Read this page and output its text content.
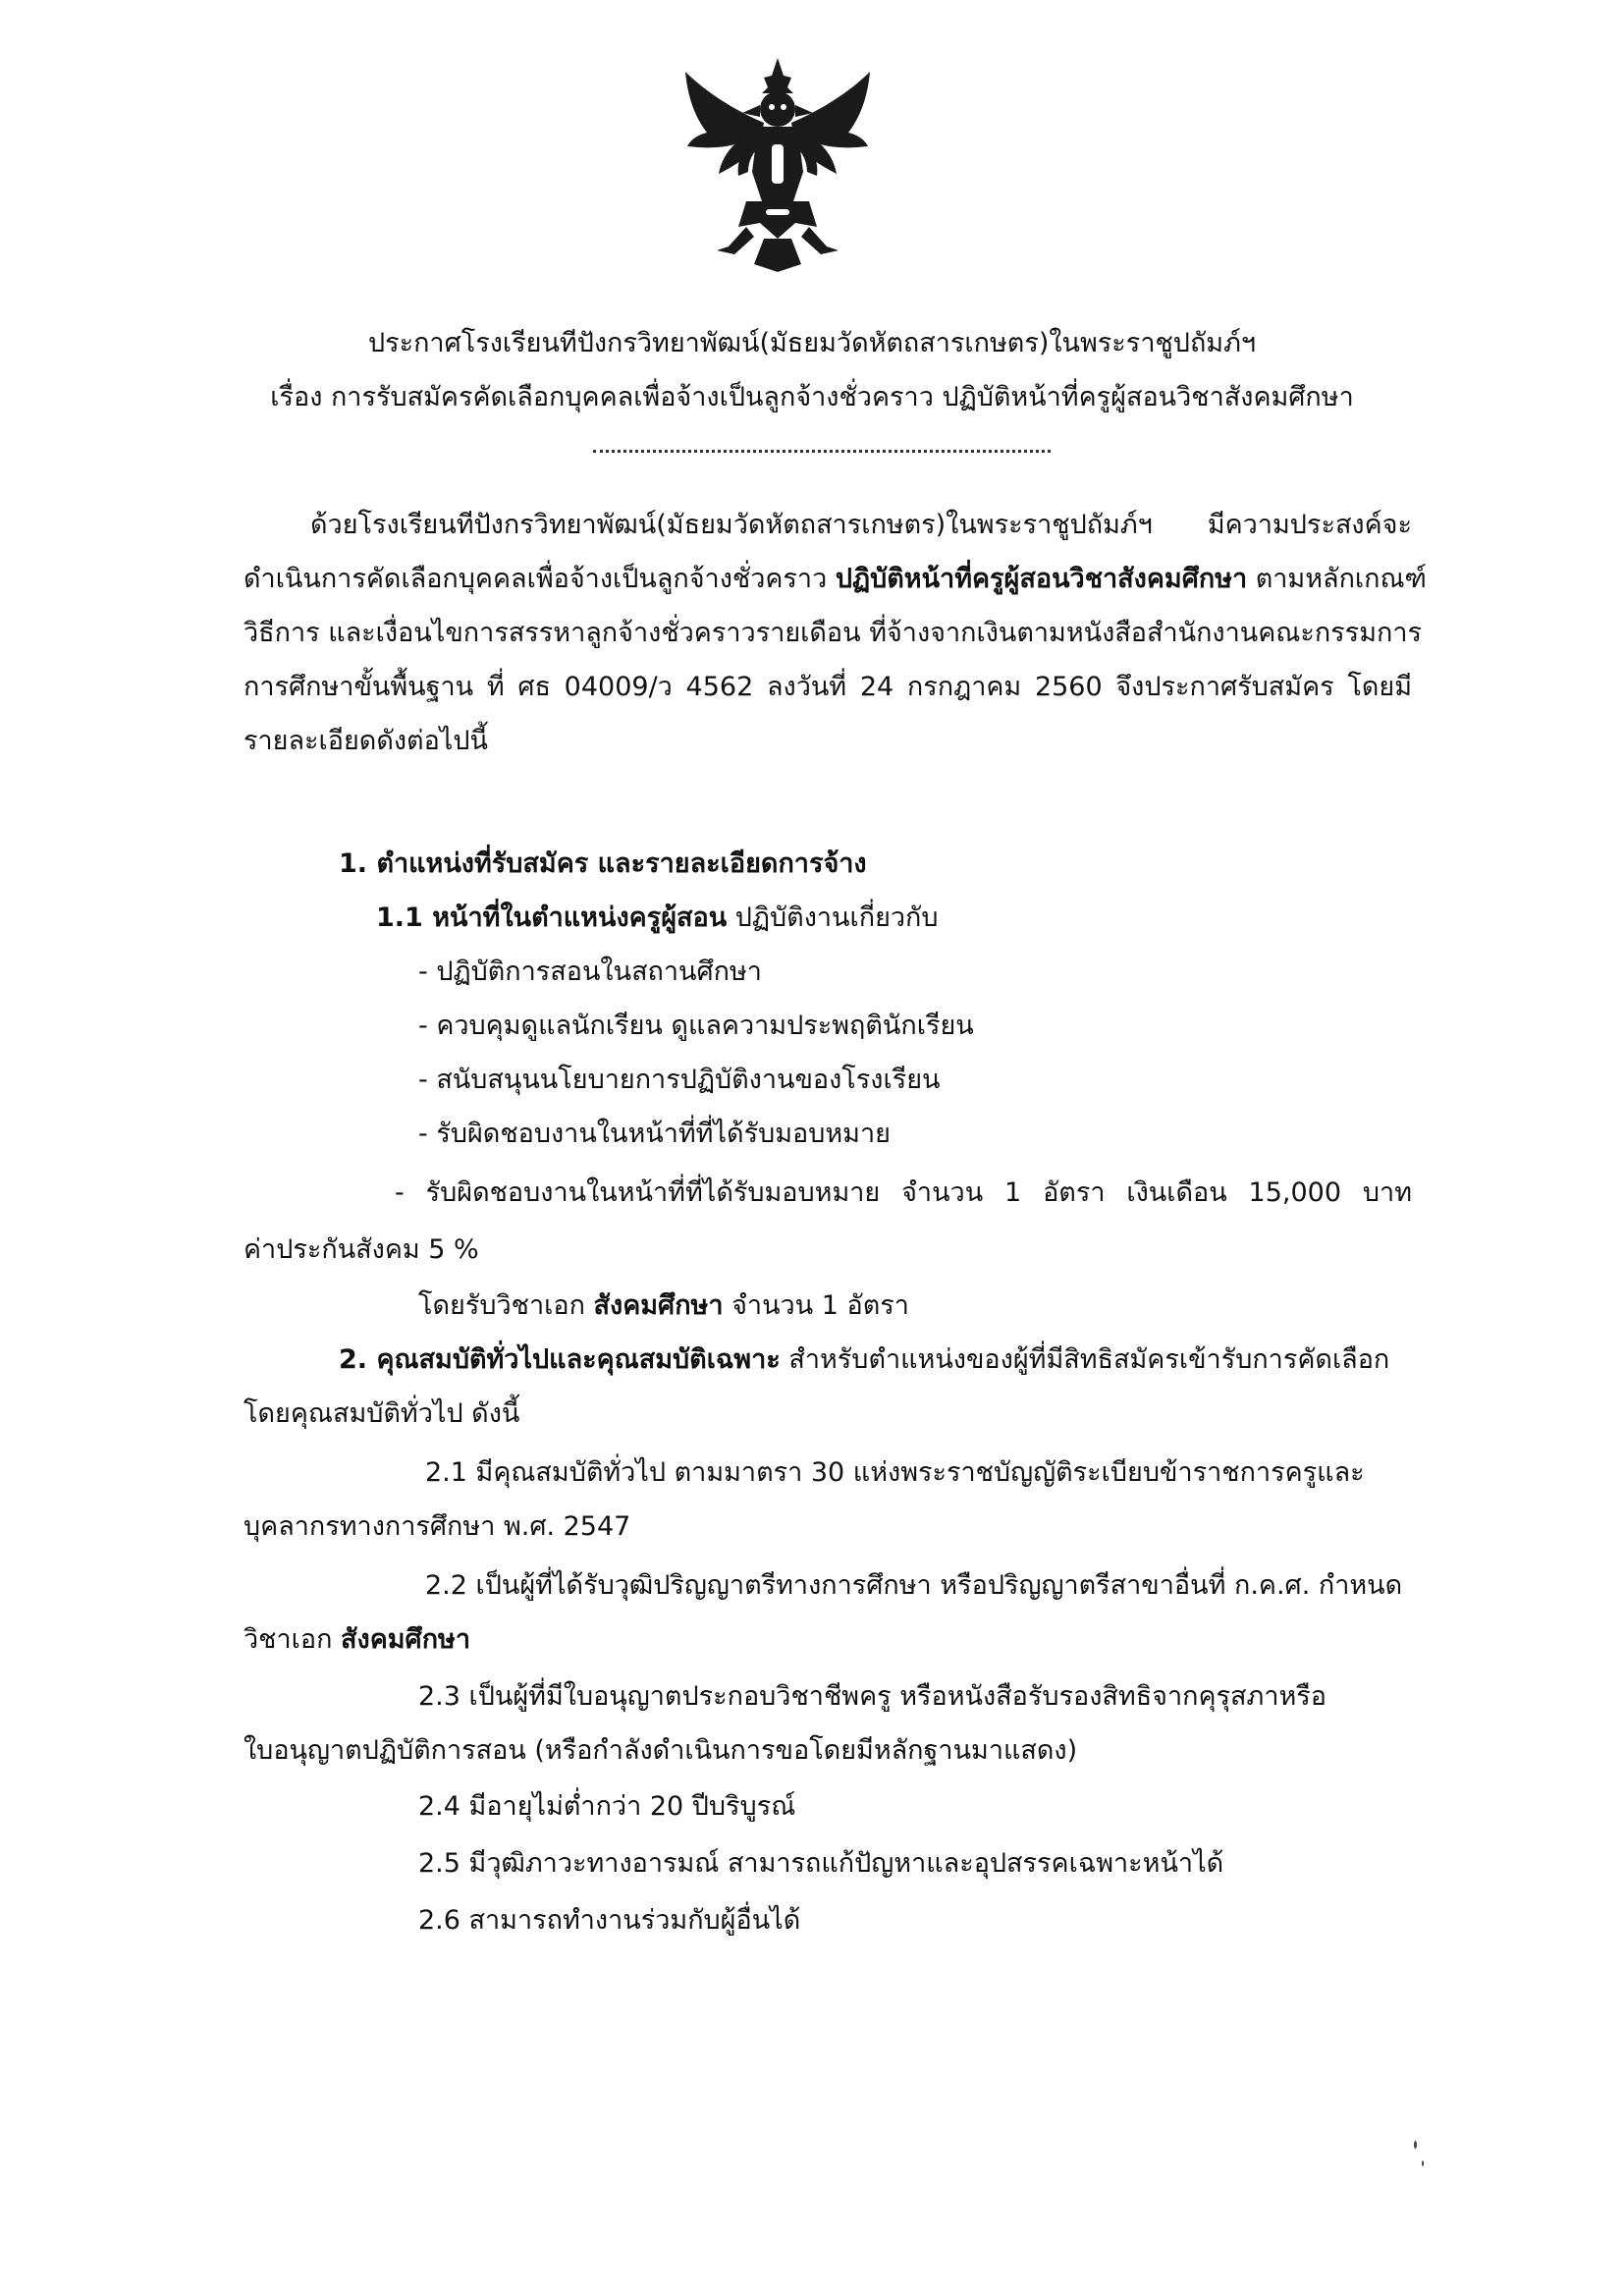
ประกาศโรงเรียนทีปังกรวิทยาพัฒน์(มัธยมวัดหัตถสารเกษตร)ในพระราชูปถัมภ์ฯ
เรื่อง การรับสมัครคัดเลือกบุคคลเพื่อจ้างเป็นลูกจ้างชั่วคราว ปฏิบัติหน้าที่ครูผู้สอนวิชาสังคมศึกษา
ด้วยโรงเรียนทีปังกรวิทยาพัฒน์(มัธยมวัดหัตถสารเกษตร)ในพระราชูปถัมภ์ฯ มีความประสงค์จะ
ดำเนินการคัดเลือกบุคคลเพื่อจ้างเป็นลูกจ้างชั่วคราว ปฏิบัติหน้าที่ครูผู้สอนวิชาสังคมศึกษา ตามหลักเกณฑ์
วิธีการ และเงื่อนไขการสรรหาลูกจ้างชั่วคราวรายเดือน ที่จ้างจากเงินตามหนังสือสำนักงานคณะกรรมการ
การศึกษาขั้นพื้นฐาน ที่ ศธ 04009/ว 4562 ลงวันที่ 24 กรกฎาคม 2560 จึงประกาศรับสมัคร โดยมี
รายละเอียดดังต่อไปนี้
1. ตำแหน่งที่รับสมัคร และรายละเอียดการจ้าง
1.1 หน้าที่ในตำแหน่งครูผู้สอน ปฏิบัติงานเกี่ยวกับ
- ปฏิบัติการสอนในสถานศึกษา
- ควบคุมดูแลนักเรียน ดูแลความประพฤตินักเรียน
- สนับสนุนนโยบายการปฏิบัติงานของโรงเรียน
- รับผิดชอบงานในหน้าที่ที่ได้รับมอบหมาย
- รับผิดชอบงานในหน้าที่ที่ได้รับมอบหมาย จำนวน 1 อัตรา เงินเดือน 15,000 บาท
ค่าประกันสังคม 5 %
โดยรับวิชาเอก สังคมศึกษา จำนวน 1 อัตรา
2. คุณสมบัติทั่วไปและคุณสมบัติเฉพาะ สำหรับตำแหน่งของผู้ที่มีสิทธิสมัครเข้ารับการคัดเลือก
โดยคุณสมบัติทั่วไป ดังนี้
2.1 มีคุณสมบัติทั่วไป ตามมาตรา 30 แห่งพระราชบัญญัติระเบียบข้าราชการครูและ
บุคลากรทางการศึกษา พ.ศ. 2547
2.2 เป็นผู้ที่ได้รับวุฒิปริญญาตรีทางการศึกษา หรือปริญญาตรีสาขาอื่นที่ ก.ค.ศ. กำหนด
วิชาเอก สังคมศึกษา
2.3 เป็นผู้ที่มีใบอนุญาตประกอบวิชาชีพครู หรือหนังสือรับรองสิทธิจากคุรุสภาหรือ
ใบอนุญาตปฏิบัติการสอน (หรือกำลังดำเนินการขอโดยมีหลักฐานมาแสดง)
2.4 มีอายุไม่ต่ำกว่า 20 ปีบริบูรณ์
2.5 มีวุฒิภาวะทางอารมณ์ สามารถแก้ปัญหาและอุปสรรคเฉพาะหน้าได้
2.6 สามารถทำงานร่วมกับผู้อื่นได้
